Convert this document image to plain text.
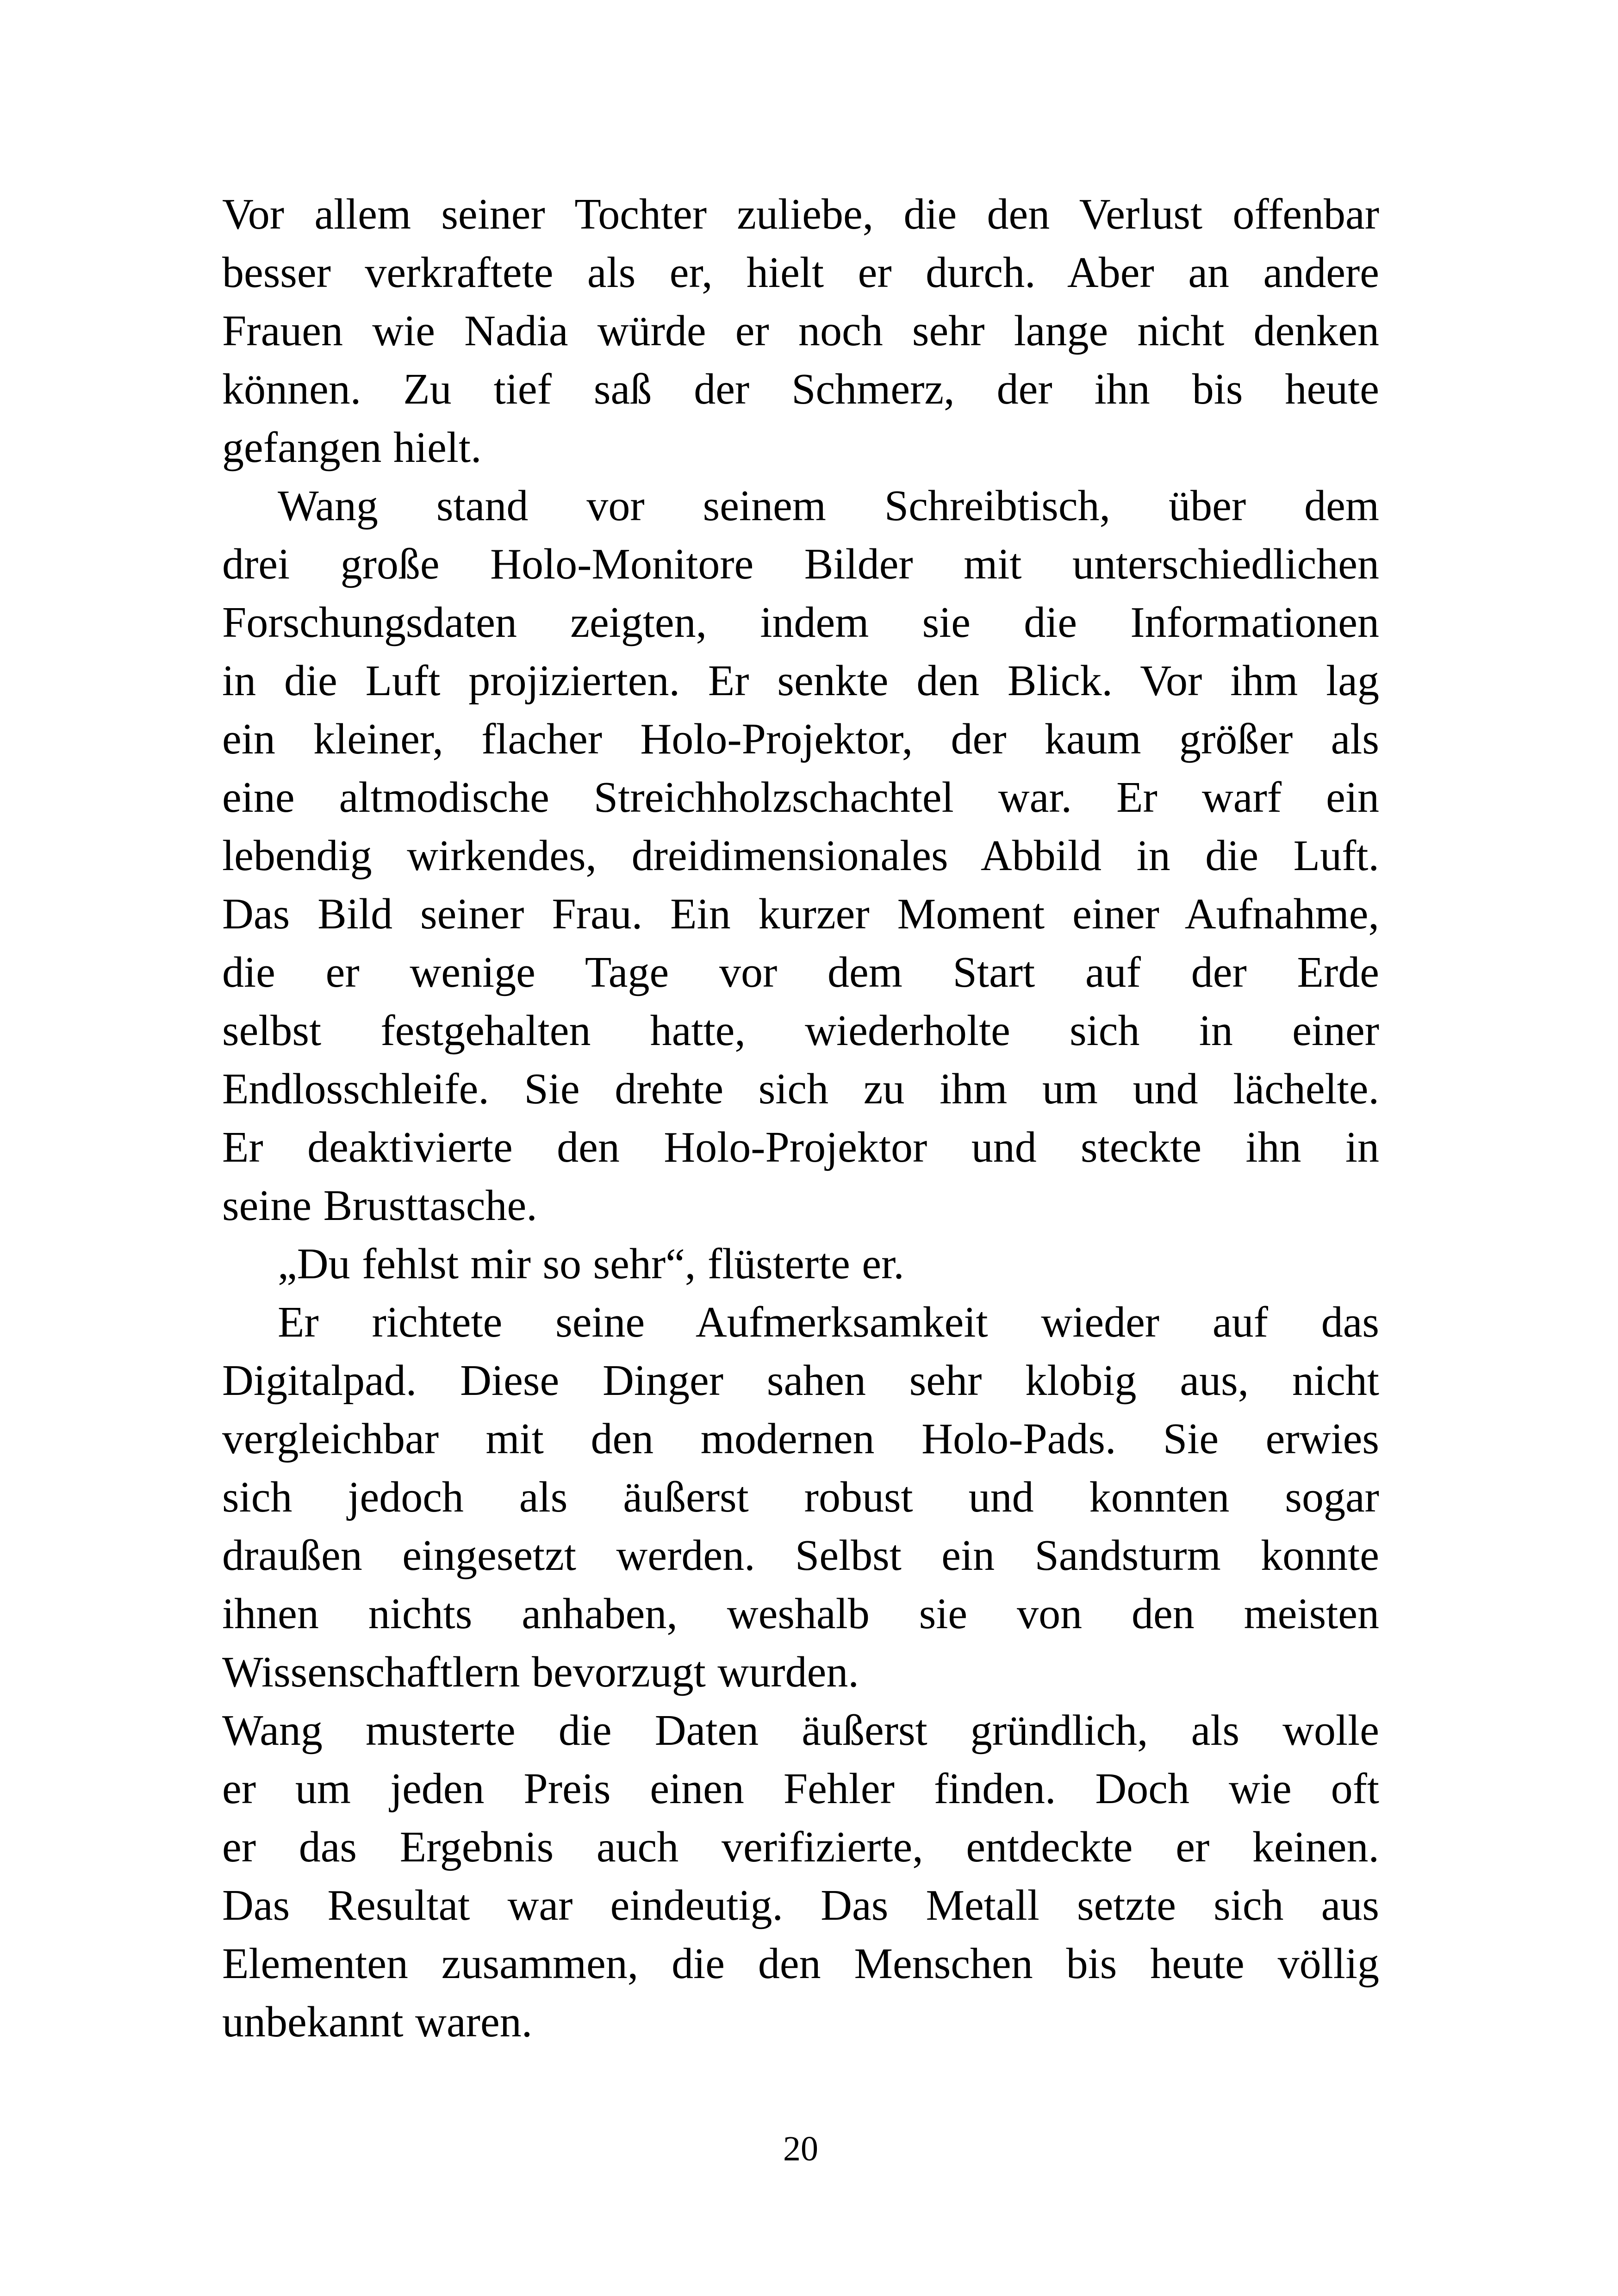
Vor allem seiner Tochter zuliebe, die den Verlust offenbar
besser verkraftete als er, hielt er durch. Aber an andere
Frauen wie Nadia würde er noch sehr lange nicht denken
können. Zu tief saß der Schmerz, der ihn bis heute
gefangen hielt.
Wang stand vor seinem Schreibtisch, über dem
drei große Holo-Monitore Bilder mit unterschiedlichen
Forschungsdaten zeigten, indem sie die Informationen
in die Luft projizierten. Er senkte den Blick. Vor ihm lag
ein kleiner, flacher Holo-Projektor, der kaum größer als
eine altmodische Streichholzschachtel war. Er warf ein
lebendig wirkendes, dreidimensionales Abbild in die Luft.
Das Bild seiner Frau. Ein kurzer Moment einer Aufnahme,
die er wenige Tage vor dem Start auf der Erde
selbst festgehalten hatte, wiederholte sich in einer
Endlosschleife. Sie drehte sich zu ihm um und lächelte.
Er deaktivierte den Holo-Projektor und steckte ihn in
seine Brusttasche.
„Du fehlst mir so sehr“, flüsterte er.
Er richtete seine Aufmerksamkeit wieder auf das
Digitalpad. Diese Dinger sahen sehr klobig aus, nicht
vergleichbar mit den modernen Holo-Pads. Sie erwies
sich jedoch als äußerst robust und konnten sogar
draußen eingesetzt werden. Selbst ein Sandsturm konnte
ihnen nichts anhaben, weshalb sie von den meisten
Wissenschaftlern bevorzugt wurden.
Wang musterte die Daten äußerst gründlich, als wolle
er um jeden Preis einen Fehler finden. Doch wie oft
er das Ergebnis auch verifizierte, entdeckte er keinen.
Das Resultat war eindeutig. Das Metall setzte sich aus
Elementen zusammen, die den Menschen bis heute völlig
unbekannt waren.
20
